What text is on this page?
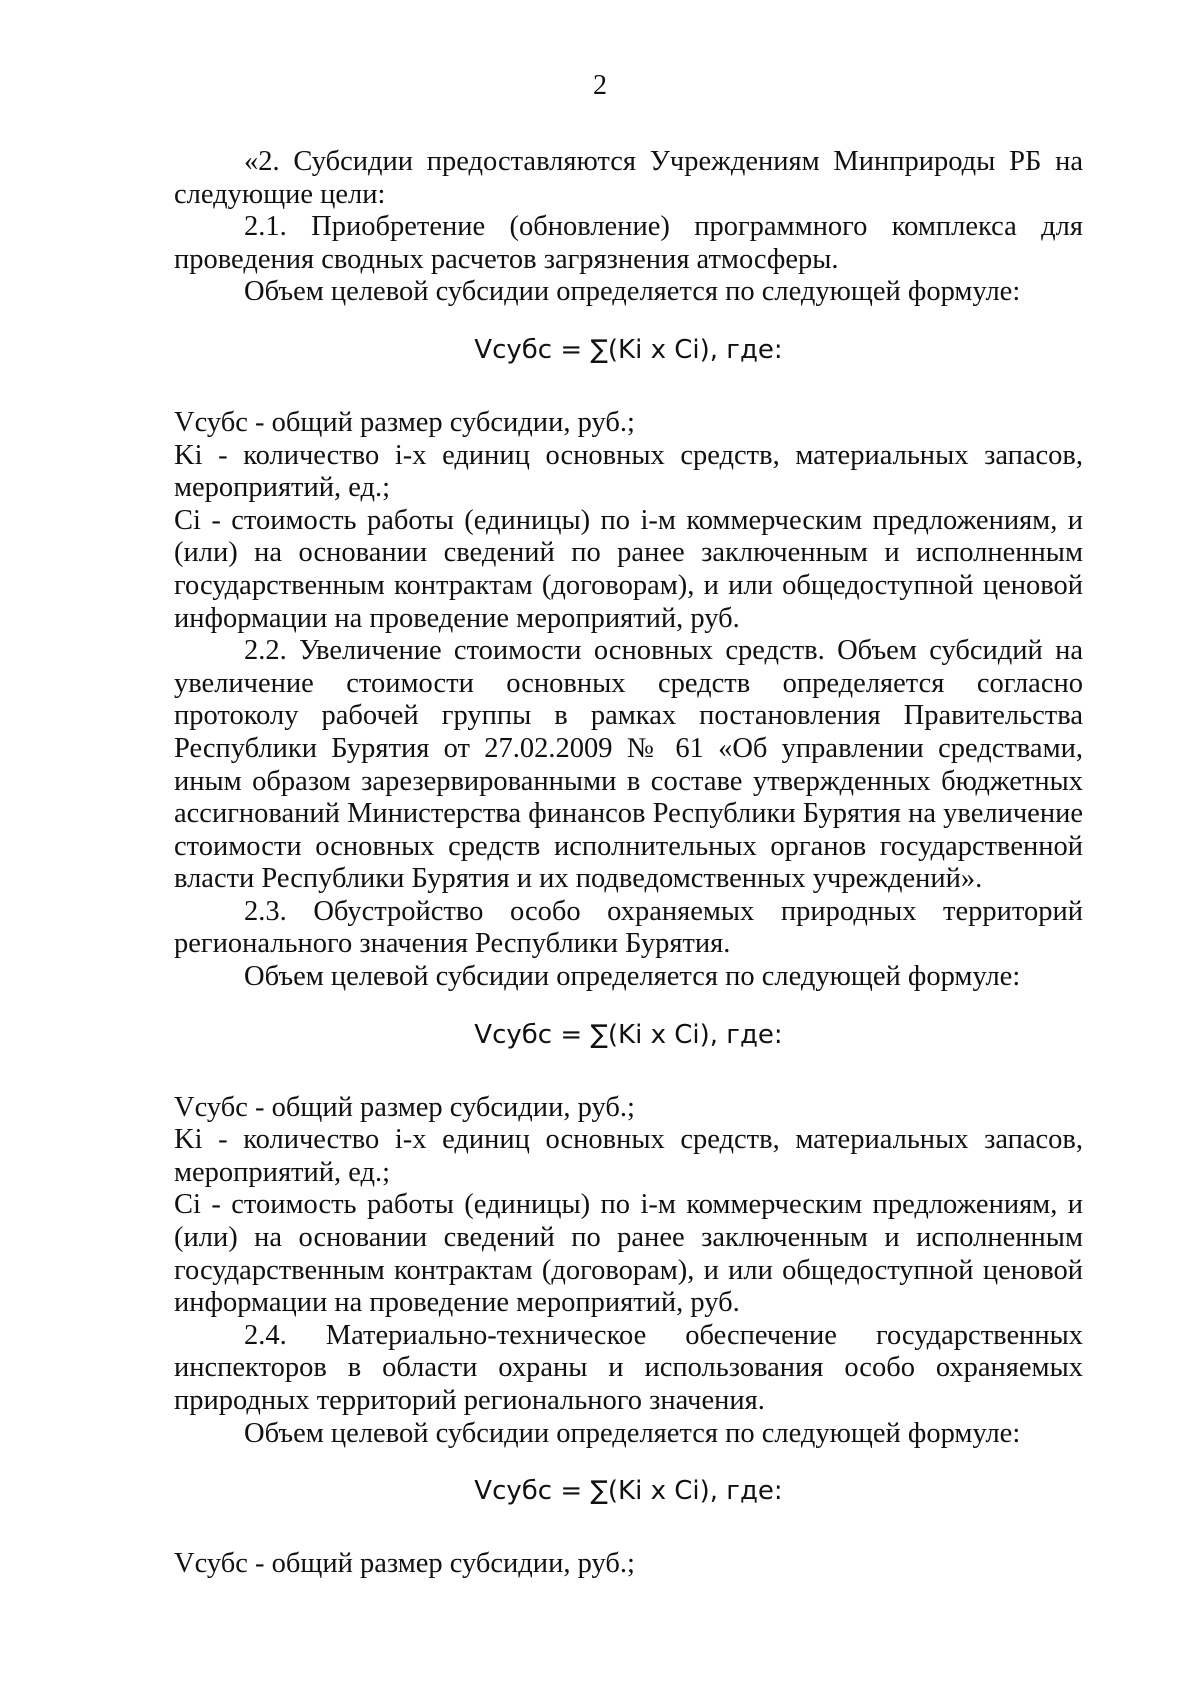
2

«2. Субсидии предоставляются Учреждениям Минприроды РБ на следующие цели:

2.1. Приобретение (обновление) программного комплекса для проведения сводных расчетов загрязнения атмосферы.

Объем целевой субсидии определяется по следующей формуле:

Vсубс = ∑(Ki x Ci), где:

Vсубс - общий размер субсидии, руб.;

Ki - количество i-х единиц основных средств, материальных запасов, мероприятий, ед.;

Ci - стоимость работы (единицы) по i-м коммерческим предложениям, и (или) на основании сведений по ранее заключенным и исполненным государственным контрактам (договорам), и или общедоступной ценовой информации на проведение мероприятий, руб.

2.2. Увеличение стоимости основных средств. Объем субсидий на увеличение стоимости основных средств определяется согласно протоколу рабочей группы в рамках постановления Правительства Республики Бурятия от 27.02.2009 № 61 «Об управлении средствами, иным образом зарезервированными в составе утвержденных бюджетных ассигнований Министерства финансов Республики Бурятия на увеличение стоимости основных средств исполнительных органов государственной власти Республики Бурятия и их подведомственных учреждений».

2.3. Обустройство особо охраняемых природных территорий регионального значения Республики Бурятия.

Объем целевой субсидии определяется по следующей формуле:

Vсубс = ∑(Ki x Ci), где:

Vсубс - общий размер субсидии, руб.;

Ki - количество i-х единиц основных средств, материальных запасов, мероприятий, ед.;

Ci - стоимость работы (единицы) по i-м коммерческим предложениям, и (или) на основании сведений по ранее заключенным и исполненным государственным контрактам (договорам), и или общедоступной ценовой информации на проведение мероприятий, руб.

2.4. Материально-техническое обеспечение государственных инспекторов в области охраны и использования особо охраняемых природных территорий регионального значения.

Объем целевой субсидии определяется по следующей формуле:

Vсубс = ∑(Ki x Ci), где:

Vсубс - общий размер субсидии, руб.;
